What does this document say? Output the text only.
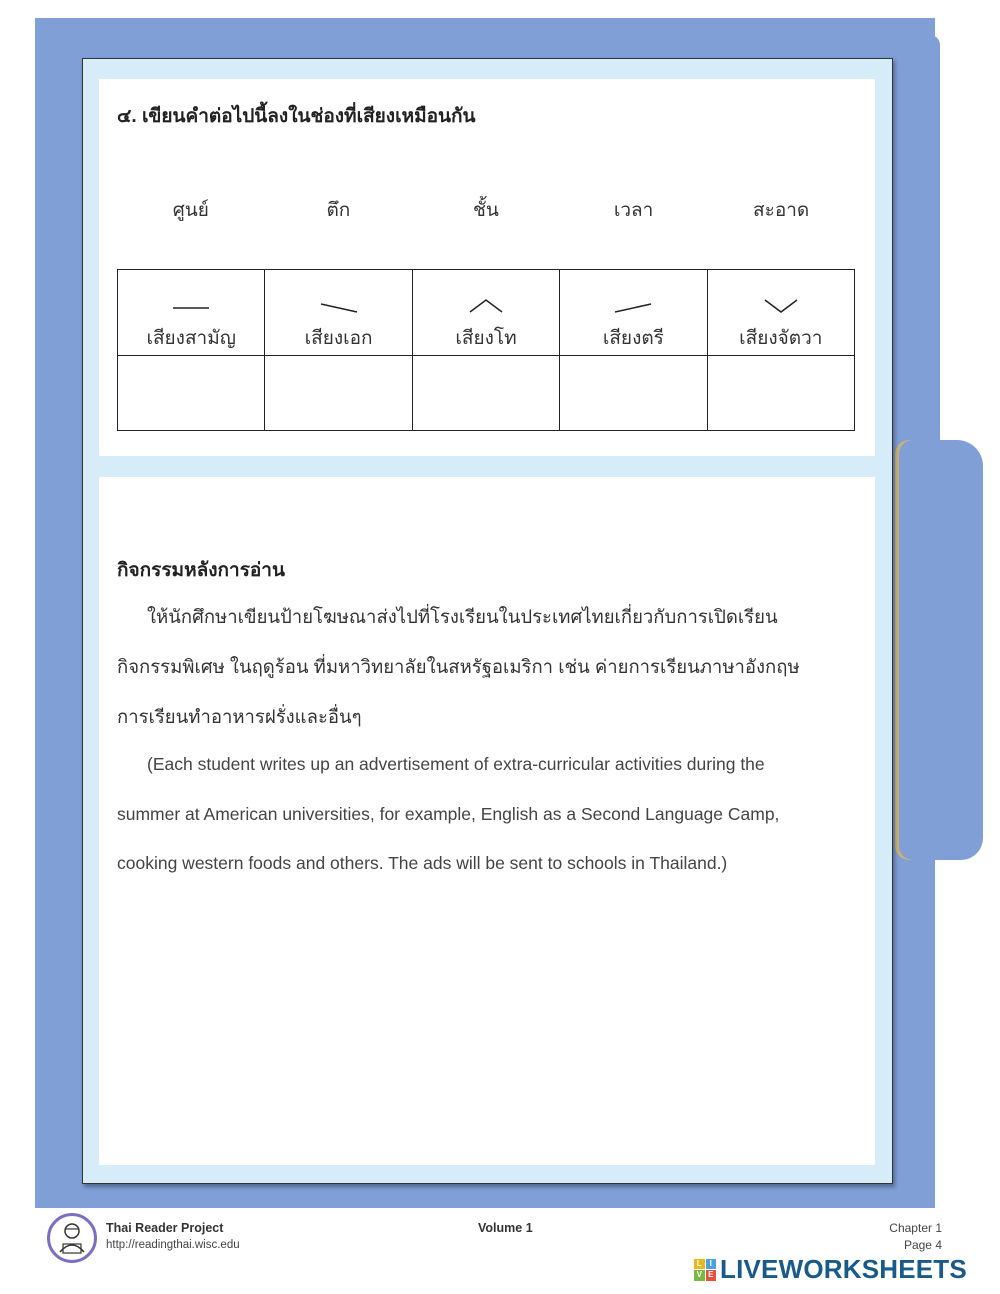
๔. เขียนคำต่อไปนี้ลงในช่องที่เสียงเหมือนกัน
ศูนย์	ตึก	ชั้น	เวลา	สะอาด
เสียงสามัญ	เสียงเอก	เสียงโท	เสียงตรี	เสียงจัตวา

กิจกรรมหลังการอ่าน
ให้นักศึกษาเขียนป้ายโฆษณาส่งไปที่โรงเรียนในประเทศไทยเกี่ยวกับการเปิดเรียน
กิจกรรมพิเศษ ในฤดูร้อน ที่มหาวิทยาลัยในสหรัฐอเมริกา เช่น ค่ายการเรียนภาษาอังกฤษ
การเรียนทำอาหารฝรั่งและอื่นๆ
(Each student writes up an advertisement of extra-curricular activities during the
summer at American universities, for example, English as a Second Language Camp,
cooking western foods and others. The ads will be sent to schools in Thailand.)
Thai Reader Project
http://readingthai.wisc.edu
Volume 1	Chapter 1
Page 4
L I
V E LIVEWORKSHEETS
